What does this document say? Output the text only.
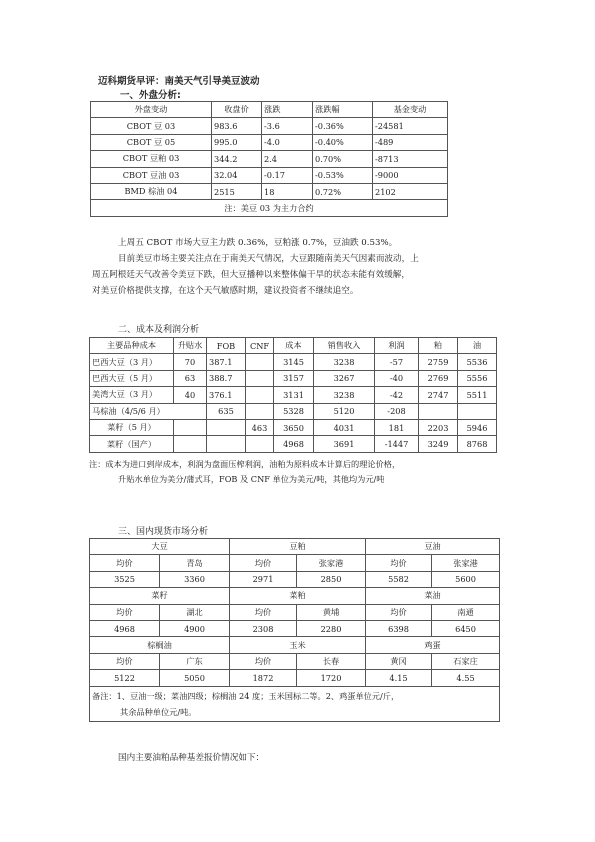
迈科期货早评：南美天气引导美豆波动
一、外盘分析:
外盘变动	收盘价	涨跌	涨跌幅	基金变动
CBOT 豆 03	983.6	-3.6	-0.36%	-24581
CBOT 豆 05	995.0	-4.0	-0.40%	-489
CBOT 豆粕 03	344.2	2.4	0.70%	-8713
CBOT 豆油 03	32.04	-0.17	-0.53%	-9000
BMD 棕油 04	2515	18	0.72%	2102
注：美豆 03 为主力合约				
上周五 CBOT 市场大豆主力跌 0.36%，豆粕涨 0.7%，豆油跌 0.53%。
目前美豆市场主要关注点在于南美天气情况，大豆跟随南美天气因素而波动，上
周五阿根廷天气改善令美豆下跌，但大豆播种以来整体偏干旱的状态未能有效缓解，
对美豆价格提供支撑，在这个天气敏感时期，建议投资者不继续追空。
二、成本及利润分析
主要品种成本	升贴水	FOB	CNF	成本	销售收入	利润	粕	油
巴西大豆（3 月）	70	387.1		3145	3238	-57	2759	5536
巴西大豆（5 月）	63	388.7		3157	3267	-40	2769	5556
美湾大豆（3 月）	40	376.1		3131	3238	-42	2747	5511
马棕油（4/5/6 月）		635		5328	5120	-208		
菜籽（5 月）			463	3650	4031	181	2203	5946
菜籽（国产）				4968	3691	-1447	3249	8768
注：成本为进口到岸成本，利润为盘面压榨利润，油粕为原料成本计算后的理论价格，
升贴水单位为美分/蒲式耳，FOB 及 CNF 单位为美元/吨，其他均为元/吨
三、国内现货市场分析
大豆		豆粕		豆油	
均价	青岛	均价	张家港	均价	张家港
3525	3360	2971	2850	5582	5600
菜籽		菜粕		菜油	
均价	湖北	均价	黄埔	均价	南通
4968	4900	2308	2280	6398	6450
棕榈油		玉米		鸡蛋	
均价	广东	均价	长春	黄冈	石家庄
5122	5050	1872	1720	4.15	4.55

备注：1、豆油一级；菜油四级；棕榈油 24 度；玉米国标二等。2、鸡蛋单位元/斤，
其余品种单位元/吨。					
国内主要油粕品种基差报价情况如下：
